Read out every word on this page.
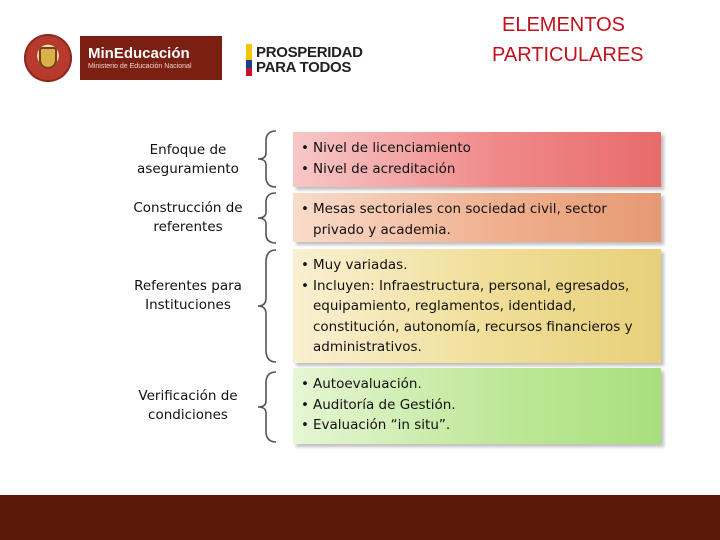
MinEducación
Ministerio de Educación Nacional
PROSPERIDAD
PARA TODOS
ELEMENTOS
PARTICULARES
Enfoque de aseguramiento
• Nivel de licenciamiento
• Nivel de acreditación
Construcción de referentes
• Mesas sectoriales con sociedad civil, sector privado y academia.
Referentes para Instituciones
• Muy variadas.
• Incluyen: Infraestructura, personal, egresados, equipamiento, reglamentos, identidad, constitución, autonomía, recursos financieros y administrativos.
Verificación de condiciones
• Autoevaluación.
• Auditoría de Gestión.
• Evaluación “in situ”.
